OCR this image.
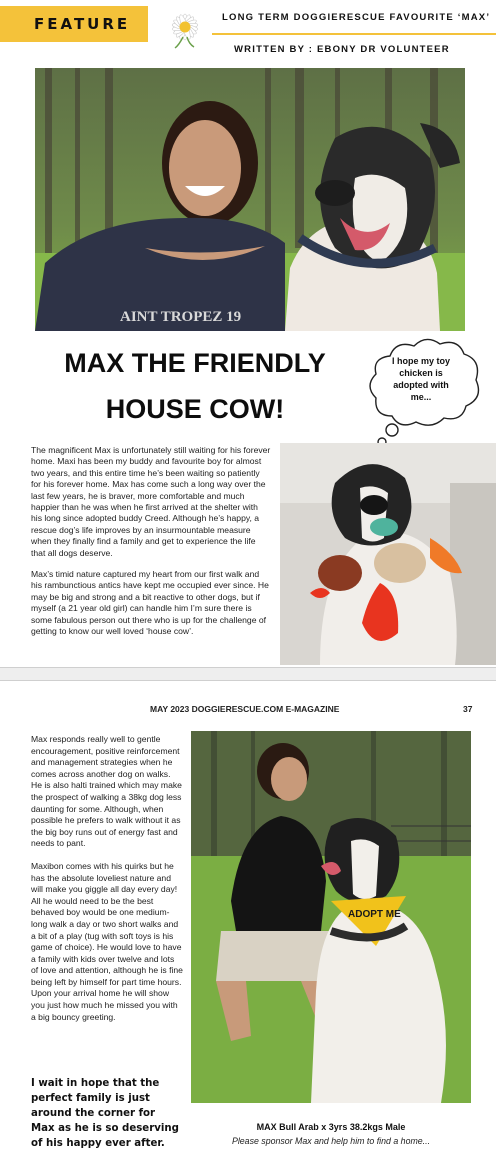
FEATURE	LONG TERM DOGGIERESCUE FAVOURITE ‘MAX’
WRITTEN BY : EBONY DR VOLUNTEER
AINT TROPEZ 19
MAX THE FRIENDLY
HOUSE COW!
I hope my toy chicken is adopted with me...

The magnificent Max is unfortunately still waiting for his forever home. Maxi has been my buddy and favourite boy for almost two years, and this entire time he’s been waiting so patiently for his forever home. Max has come such a long way over the last few years, he is braver, more comfortable and much happier than he was when he first arrived at the shelter with his long since adopted buddy Creed. Although he’s happy, a rescue dog’s life improves by an insurmountable measure when they finally find a family and get to experience the life that all dogs deserve.

Max’s timid nature captured my heart from our first walk and his rambunctious antics have kept me occupied ever since. He may be big and strong and a bit reactive to other dogs, but if myself (a 21 year old girl) can handle him I’m sure there is some fabulous person out there who is up for the challenge of getting to know our well loved ‘house cow’.

MAY 2023 DOGGIERESCUE.COM E-MAGAZINE	37

Max responds really well to gentle encouragement, positive reinforcement and management strategies when he comes across another dog on walks. He is also halti trained which may make the prospect of walking a 38kg dog less daunting for some. Although, when possible he prefers to walk without it as the big boy runs out of energy fast and needs to pant.

Maxibon comes with his quirks but he has the absolute loveliest nature and will make you giggle all day every day! All he would need to be the best behaved boy would be one medium-long walk a day or two short walks and a bit of a play (tug with soft toys is his game of choice). He would love to have a family with kids over twelve and lots of love and attention, although he is fine being left by himself for part time hours. Upon your arrival home he will show you just how much he missed you with a big bouncy greeting.

I wait in hope that the perfect family is just around the corner for Max as he is so deserving of his happy ever after.
ADOPT ME
MAX Bull Arab x 3yrs 38.2kgs Male
Please sponsor Max and help him to find a home...
